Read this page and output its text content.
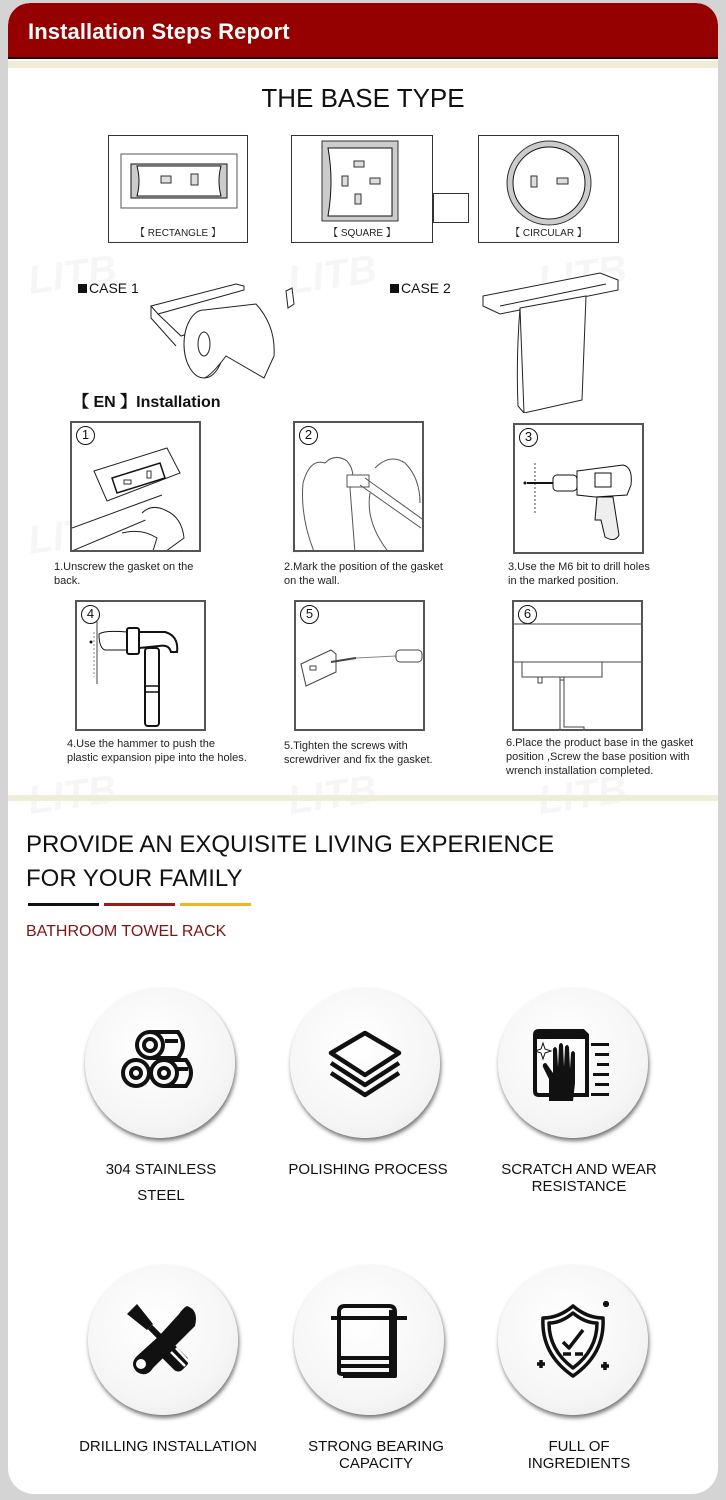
Installation Steps Report
THE BASE TYPE
【 RECTANGLE 】	【 SQUARE 】	【 CIRCULAR 】
CASE 1	CASE 2
【 EN 】Installation
1
1.Unscrew the gasket on the
back.
2
2.Mark the position of the gasket
on the wall.
3
3.Use the M6 bit to drill holes
in the marked position.
4
4.Use the hammer to push the
plastic expansion pipe into the holes.
5
5.Tighten the screws with
screwdriver and fix the gasket.
6
6.Place the product base in the gasket
position ,Screw the base position with
wrench installation completed.
PROVIDE AN EXQUISITE LIVING EXPERIENCE
FOR YOUR FAMILY
BATHROOM TOWEL RACK
304 STAINLESS
STEEL
POLISHING PROCESS	SCRATCH AND WEAR
RESISTANCE
DRILLING INSTALLATION	STRONG BEARING
CAPACITY
FULL OF
INGREDIENTS
